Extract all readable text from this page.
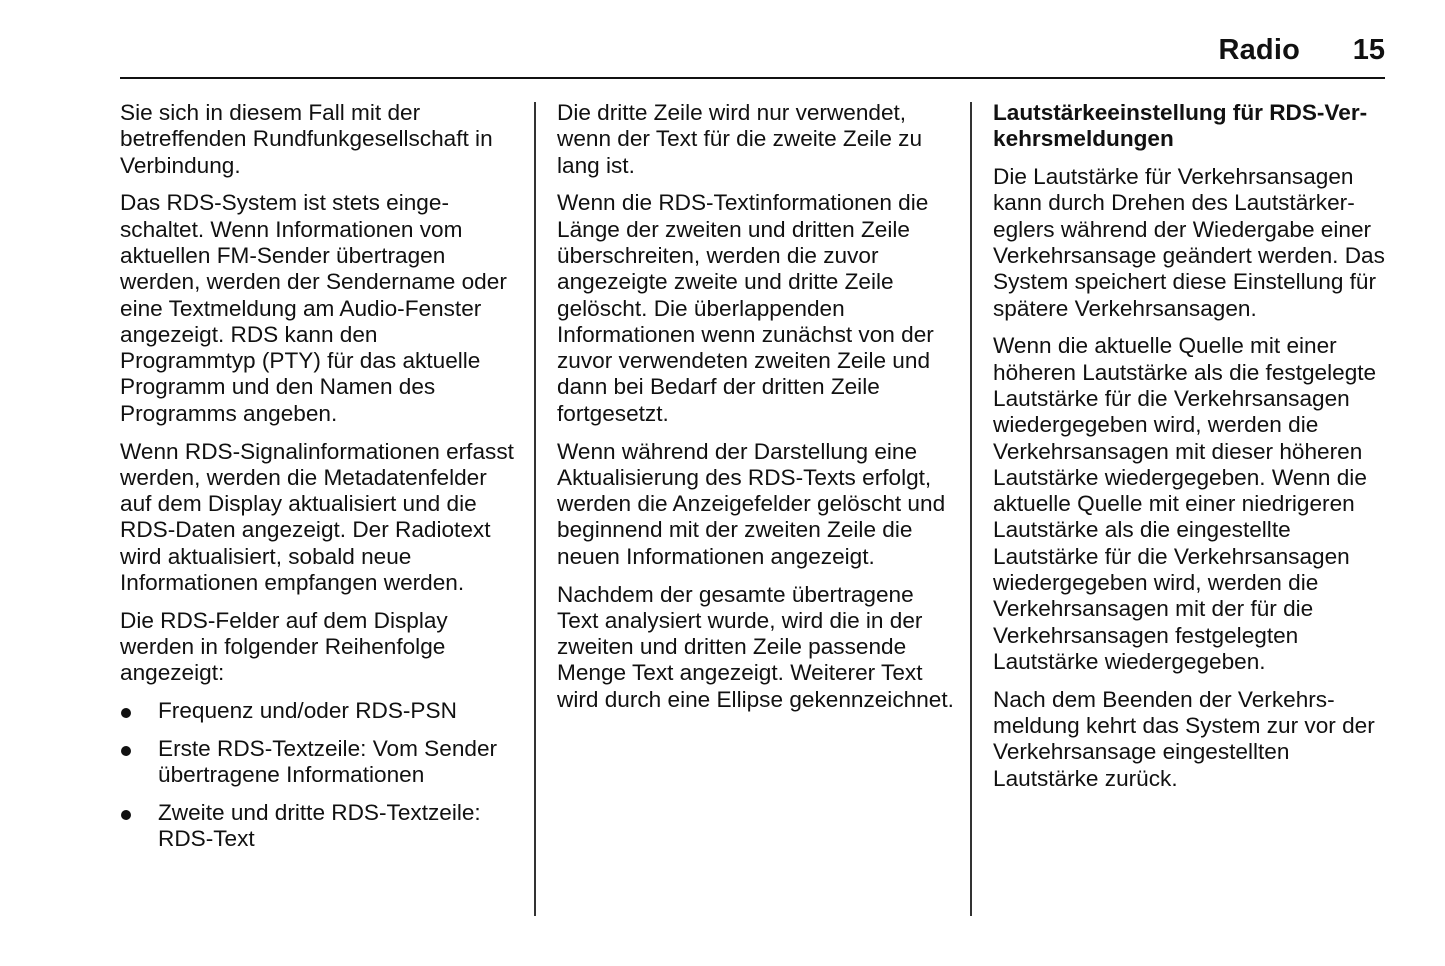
Radio 15

Sie sich in diesem Fall mit der betreffenden Rundfunkgesellschaft in Verbindung.

Das RDS-System ist stets eingeschaltet. Wenn Informationen vom aktuellen FM-Sender übertragen werden, werden der Sendername oder eine Textmeldung am Audio-Fenster angezeigt. RDS kann den Programmtyp (PTY) für das aktuelle Programm und den Namen des Programms angeben.

Wenn RDS-Signalinformationen erfasst werden, werden die Metadatenfelder auf dem Display aktualisiert und die RDS-Daten angezeigt. Der Radiotext wird aktualisiert, sobald neue Informationen empfangen werden.

Die RDS-Felder auf dem Display werden in folgender Reihenfolge angezeigt:

Frequenz und/oder RDS-PSN
Erste RDS-Textzeile: Vom Sender übertragene Informationen
Zweite und dritte RDS-Textzeile: RDS-Text

Die dritte Zeile wird nur verwendet, wenn der Text für die zweite Zeile zu lang ist.

Wenn die RDS-Textinformationen die Länge der zweiten und dritten Zeile überschreiten, werden die zuvor angezeigte zweite und dritte Zeile gelöscht. Die überlappenden Informationen wenn zunächst von der zuvor verwendeten zweiten Zeile und dann bei Bedarf der dritten Zeile fortgesetzt.

Wenn während der Darstellung eine Aktualisierung des RDS-Texts erfolgt, werden die Anzeigefelder gelöscht und beginnend mit der zweiten Zeile die neuen Informationen angezeigt.

Nachdem der gesamte übertragene Text analysiert wurde, wird die in der zweiten und dritten Zeile passende Menge Text angezeigt. Weiterer Text wird durch eine Ellipse gekennzeichnet.

Lautstärkeeinstellung für RDS-Verkehrsmeldungen

Die Lautstärke für Verkehrsansagen kann durch Drehen des Lautstärkereglers während der Wiedergabe einer Verkehrsansage geändert werden. Das System speichert diese Einstellung für spätere Verkehrsansagen.

Wenn die aktuelle Quelle mit einer höheren Lautstärke als die festgelegte Lautstärke für die Verkehrsansagen wiedergegeben wird, werden die Verkehrsansagen mit dieser höheren Lautstärke wiedergegeben. Wenn die aktuelle Quelle mit einer niedrigeren Lautstärke als die eingestellte Lautstärke für die Verkehrsansagen wiedergegeben wird, werden die Verkehrsansagen mit der für die Verkehrsansagen festgelegten Lautstärke wiedergegeben.

Nach dem Beenden der Verkehrsmeldung kehrt das System zur vor der Verkehrsansage eingestellten Lautstärke zurück.
